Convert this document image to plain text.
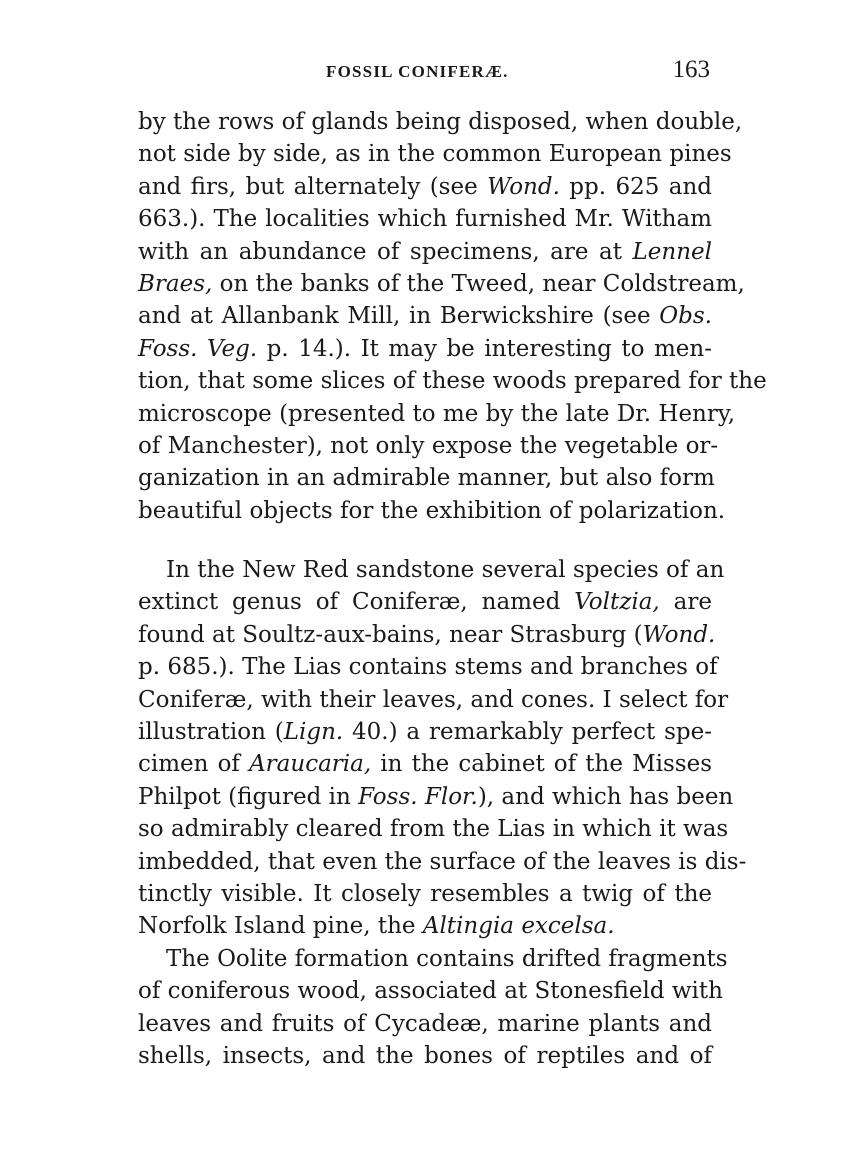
FOSSIL CONIFERÆ.	163
by the rows of glands being disposed, when double,
not side by side, as in the common European pines
and firs, but alternately (see Wond. pp. 625 and
663.). The localities which furnished Mr. Witham
with an abundance of specimens, are at Lennel
Braes, on the banks of the Tweed, near Coldstream,
and at Allanbank Mill, in Berwickshire (see Obs.
Foss. Veg. p. 14.). It may be interesting to men-
tion, that some slices of these woods prepared for the
microscope (presented to me by the late Dr. Henry,
of Manchester), not only expose the vegetable or-
ganization in an admirable manner, but also form
beautiful objects for the exhibition of polarization.
In the New Red sandstone several species of an
extinct genus of Coniferæ, named Voltzia, are
found at Soultz-aux-bains, near Strasburg (Wond.
p. 685.). The Lias contains stems and branches of
Coniferæ, with their leaves, and cones. I select for
illustration (Lign. 40.) a remarkably perfect spe-
cimen of Araucaria, in the cabinet of the Misses
Philpot (figured in Foss. Flor.), and which has been
so admirably cleared from the Lias in which it was
imbedded, that even the surface of the leaves is dis-
tinctly visible. It closely resembles a twig of the
Norfolk Island pine, the Altingia excelsa.
The Oolite formation contains drifted fragments
of coniferous wood, associated at Stonesfield with
leaves and fruits of Cycadeæ, marine plants and
shells, insects, and the bones of reptiles and of
